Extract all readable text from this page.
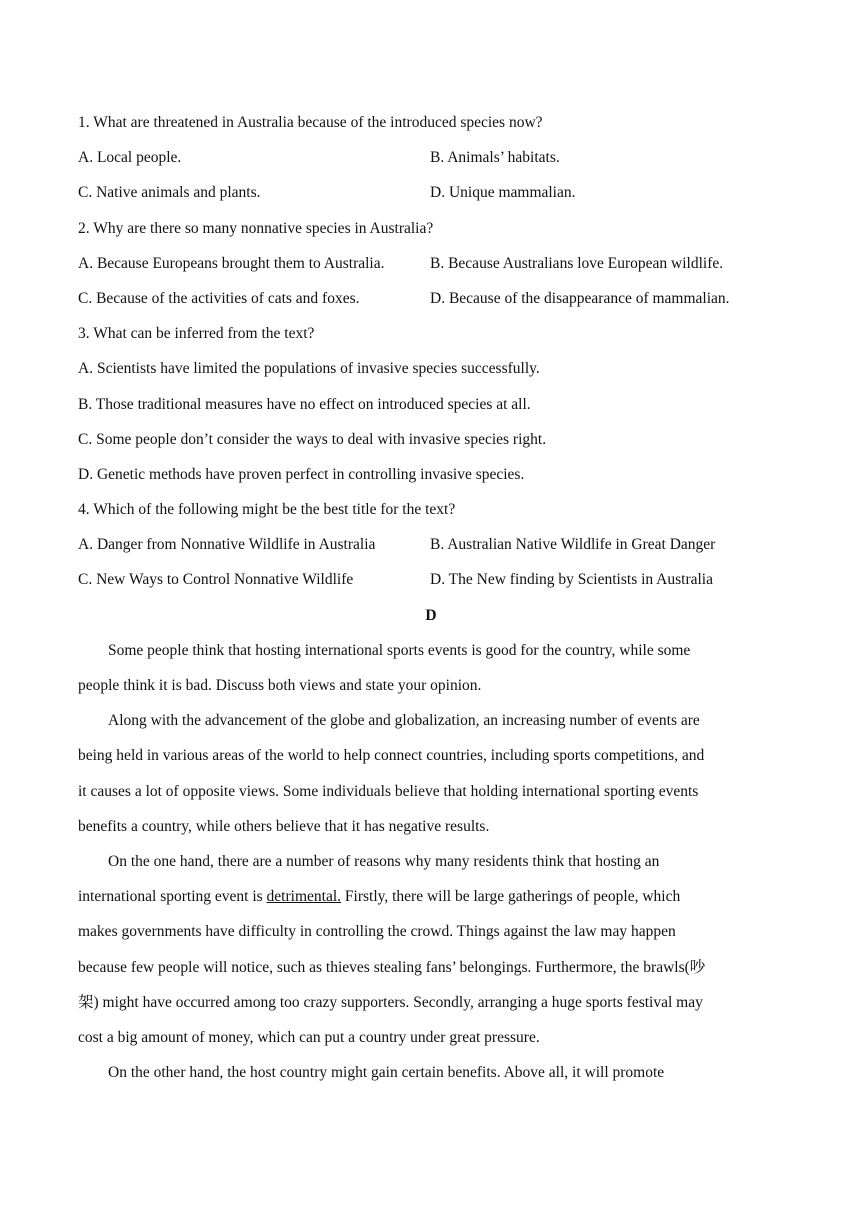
1. What are threatened in Australia because of the introduced species now?
A. Local people.	B. Animals’ habitats.
C. Native animals and plants.	D. Unique mammalian.
2. Why are there so many nonnative species in Australia?
A. Because Europeans brought them to Australia.	B. Because Australians love European wildlife.
C. Because of the activities of cats and foxes.	D. Because of the disappearance of mammalian.
3. What can be inferred from the text?
A. Scientists have limited the populations of invasive species successfully.
B. Those traditional measures have no effect on introduced species at all.
C. Some people don’t consider the ways to deal with invasive species right.
D. Genetic methods have proven perfect in controlling invasive species.
4. Which of the following might be the best title for the text?
A. Danger from Nonnative Wildlife in Australia	B. Australian Native Wildlife in Great Danger
C. New Ways to Control Nonnative Wildlife	D. The New finding by Scientists in Australia
D
Some people think that hosting international sports events is good for the country, while some
people think it is bad. Discuss both views and state your opinion.
Along with the advancement of the globe and globalization, an increasing number of events are
being held in various areas of the world to help connect countries, including sports competitions, and
it causes a lot of opposite views. Some individuals believe that holding international sporting events
benefits a country, while others believe that it has negative results.
On the one hand, there are a number of reasons why many residents think that hosting an
international sporting event is detrimental. Firstly, there will be large gatherings of people, which
makes governments have difficulty in controlling the crowd. Things against the law may happen
because few people will notice, such as thieves stealing fans’ belongings. Furthermore, the brawls(吵
架) might have occurred among too crazy supporters. Secondly, arranging a huge sports festival may
cost a big amount of money, which can put a country under great pressure.
On the other hand, the host country might gain certain benefits. Above all, it will promote
